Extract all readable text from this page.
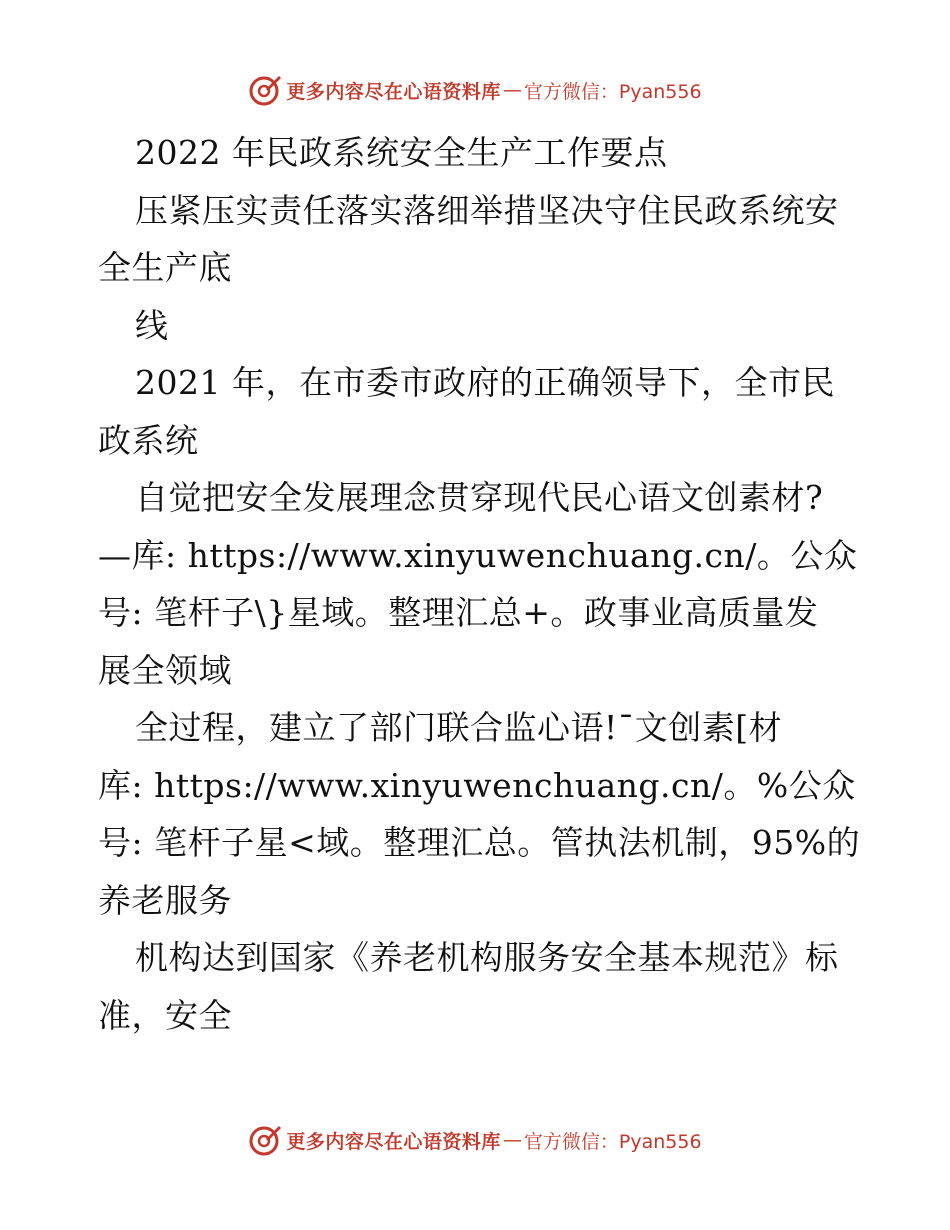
更多内容尽在心语资料库 — 官方微信：Pyan556
2022 年民政系统安全生产工作要点
压紧压实责任落实落细举措坚决守住民政系统安
全生产底
线
2021 年，在市委市政府的正确领导下，全市民
政系统
自觉把安全发展理念贯穿现代民心语文创素材?
—库: https://www.xinyuwenchuang.cn/。公众
号: 笔杆子\}星域。整理汇总+。政事业高质量发
展全领域
全过程，建立了部门联合监心语!¯文创素[材
库: https://www.xinyuwenchuang.cn/。%公众
号: 笔杆子星<域。整理汇总。管执法机制，95%的
养老服务
机构达到国家《养老机构服务安全基本规范》标
准，安全
更多内容尽在心语资料库 — 官方微信：Pyan556
